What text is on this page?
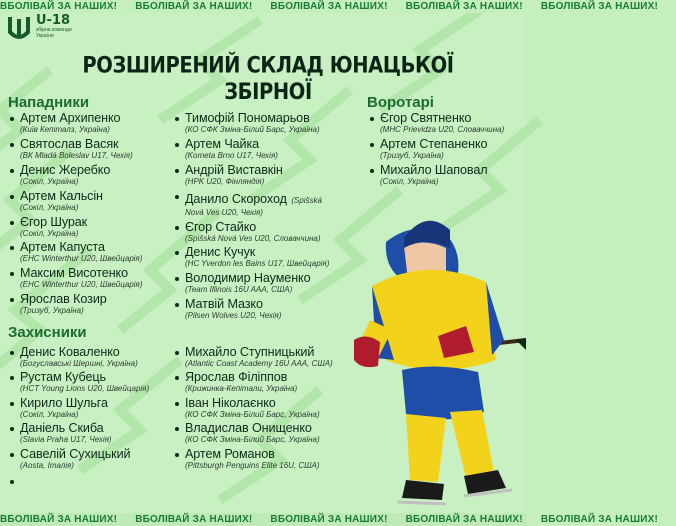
ВБОЛІВАЙ ЗА НАШИХ! ВБОЛІВАЙ ЗА НАШИХ! ВБОЛІВАЙ ЗА НАШИХ! ВБОЛІВАЙ ЗА НАШИХ! ВБОЛІВАЙ ЗА НАШИХ!
ВБОЛІВАЙ ЗА НАШИХ! ВБОЛІВАЙ ЗА НАШИХ! ВБОЛІВАЙ ЗА НАШИХ! ВБОЛІВАЙ ЗА НАШИХ! ВБОЛІВАЙ ЗА НАШИХ!
U-18
збірна команди України
РОЗШИРЕНИЙ СКЛАД ЮНАЦЬКОЇ ЗБІРНОЇ
Нападники
Захисники
Воротарі
Артем Архипенко
(Київ Кепіталз, Україна)
Святослав Васяк
(ВК Mladá Boleslav U17, Чехія)
Денис Жеребко
(Сокіл, Україна)
Артем Кальсін
(Сокіл, Україна)
Єгор Шурак
(Сокіл, Україна)
Артем Капуста
(EHC Winterthur U20, Швейцарія)
Максим Висотенко
(EHC Winterthur U20, Швейцарія)
Ярослав Козир
(Тризуб, Україна)
Тимофій Пономарьов
(КО СФК Зміна-Білий Барс, Україна)
Артем Чайка
(Kometa Brno U17, Чехія)
Андрій Виставкін
(HPK U20, Фінляндія)
Данило Скороход (Spišská
Nová Ves U20, Чехія)
Єгор Стайко
(Spišská Nová Ves U20, Словаччина)
Денис Кучук
(HC Yverdon les Bains U17, Швейцарія)
Володимир Науменко
(Team Illinois 16U AAA, США)
Матвій Мазко
(Pilsen Wolves U20, Чехія)
Денис Коваленко
(Богуславські Шершні, Україна)
Рустам Кубець
(HCT Young Lions U20, Швейцарія)
Кирило Шульга
(Сокіл, Україна)
Даніель Скиба
(Slavia Praha U17, Чехія)
Савелій Сухицький
(Aosta, Італія)
Михайло Ступницький
(Atlantic Coast Academy 16U AAA, США)
Ярослав Філіппов
(Крижинка-Кепітали, Україна)
Іван Ніколаєнко
(КО СФК Зміна-Білий Барс, Україна)
Владислав Онищенко
(КО СФК Зміна-Білий Барс, Україна)
Артем Романов
(Pittsburgh Penguins Elite 16U, США)
Єгор Святненко
(MHC Prievidza U20, Словаччина)
Артем Степаненко
(Тризуб, Україна)
Михайло Шаповал
(Сокіл, Україна)
